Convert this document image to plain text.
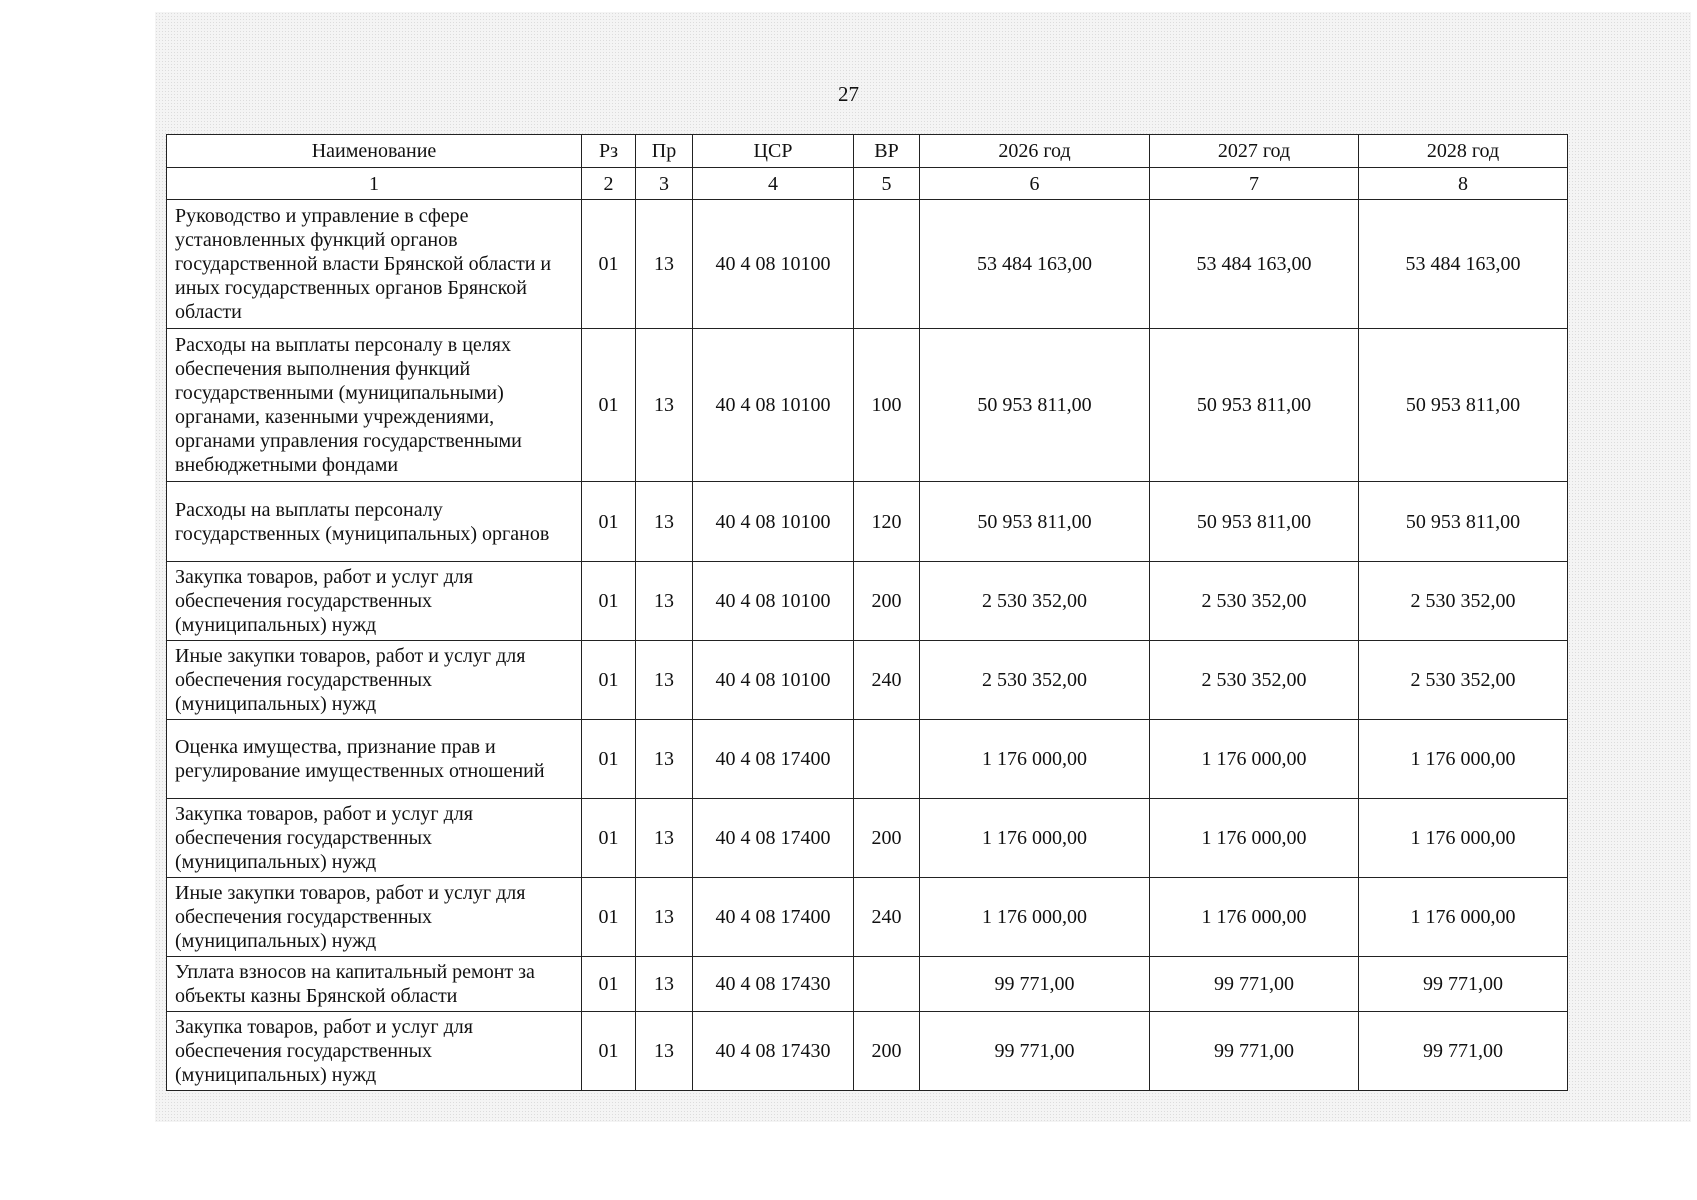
27
Наименование	Рз	Пр	ЦСР	ВР	2026 год	2027 год	2028 год
1	2	3	4	5	6	7	8
Руководство и управление в сфере установленных функций органов государственной власти Брянской области и иных государственных органов Брянской области	01	13	40 4 08 10100		53 484 163,00	53 484 163,00	53 484 163,00
Расходы на выплаты персоналу в целях обеспечения выполнения функций государственными (муниципальными) органами, казенными учреждениями, органами управления государственными внебюджетными фондами	01	13	40 4 08 10100	100	50 953 811,00	50 953 811,00	50 953 811,00
Расходы на выплаты персоналу государственных (муниципальных) органов	01	13	40 4 08 10100	120	50 953 811,00	50 953 811,00	50 953 811,00
Закупка товаров, работ и услуг для обеспечения государственных (муниципальных) нужд	01	13	40 4 08 10100	200	2 530 352,00	2 530 352,00	2 530 352,00
Иные закупки товаров, работ и услуг для обеспечения государственных (муниципальных) нужд	01	13	40 4 08 10100	240	2 530 352,00	2 530 352,00	2 530 352,00
Оценка имущества, признание прав и регулирование имущественных отношений	01	13	40 4 08 17400		1 176 000,00	1 176 000,00	1 176 000,00
Закупка товаров, работ и услуг для обеспечения государственных (муниципальных) нужд	01	13	40 4 08 17400	200	1 176 000,00	1 176 000,00	1 176 000,00
Иные закупки товаров, работ и услуг для обеспечения государственных (муниципальных) нужд	01	13	40 4 08 17400	240	1 176 000,00	1 176 000,00	1 176 000,00
Уплата взносов на капитальный ремонт за объекты казны Брянской области	01	13	40 4 08 17430		99 771,00	99 771,00	99 771,00
Закупка товаров, работ и услуг для обеспечения государственных (муниципальных) нужд	01	13	40 4 08 17430	200	99 771,00	99 771,00	99 771,00
